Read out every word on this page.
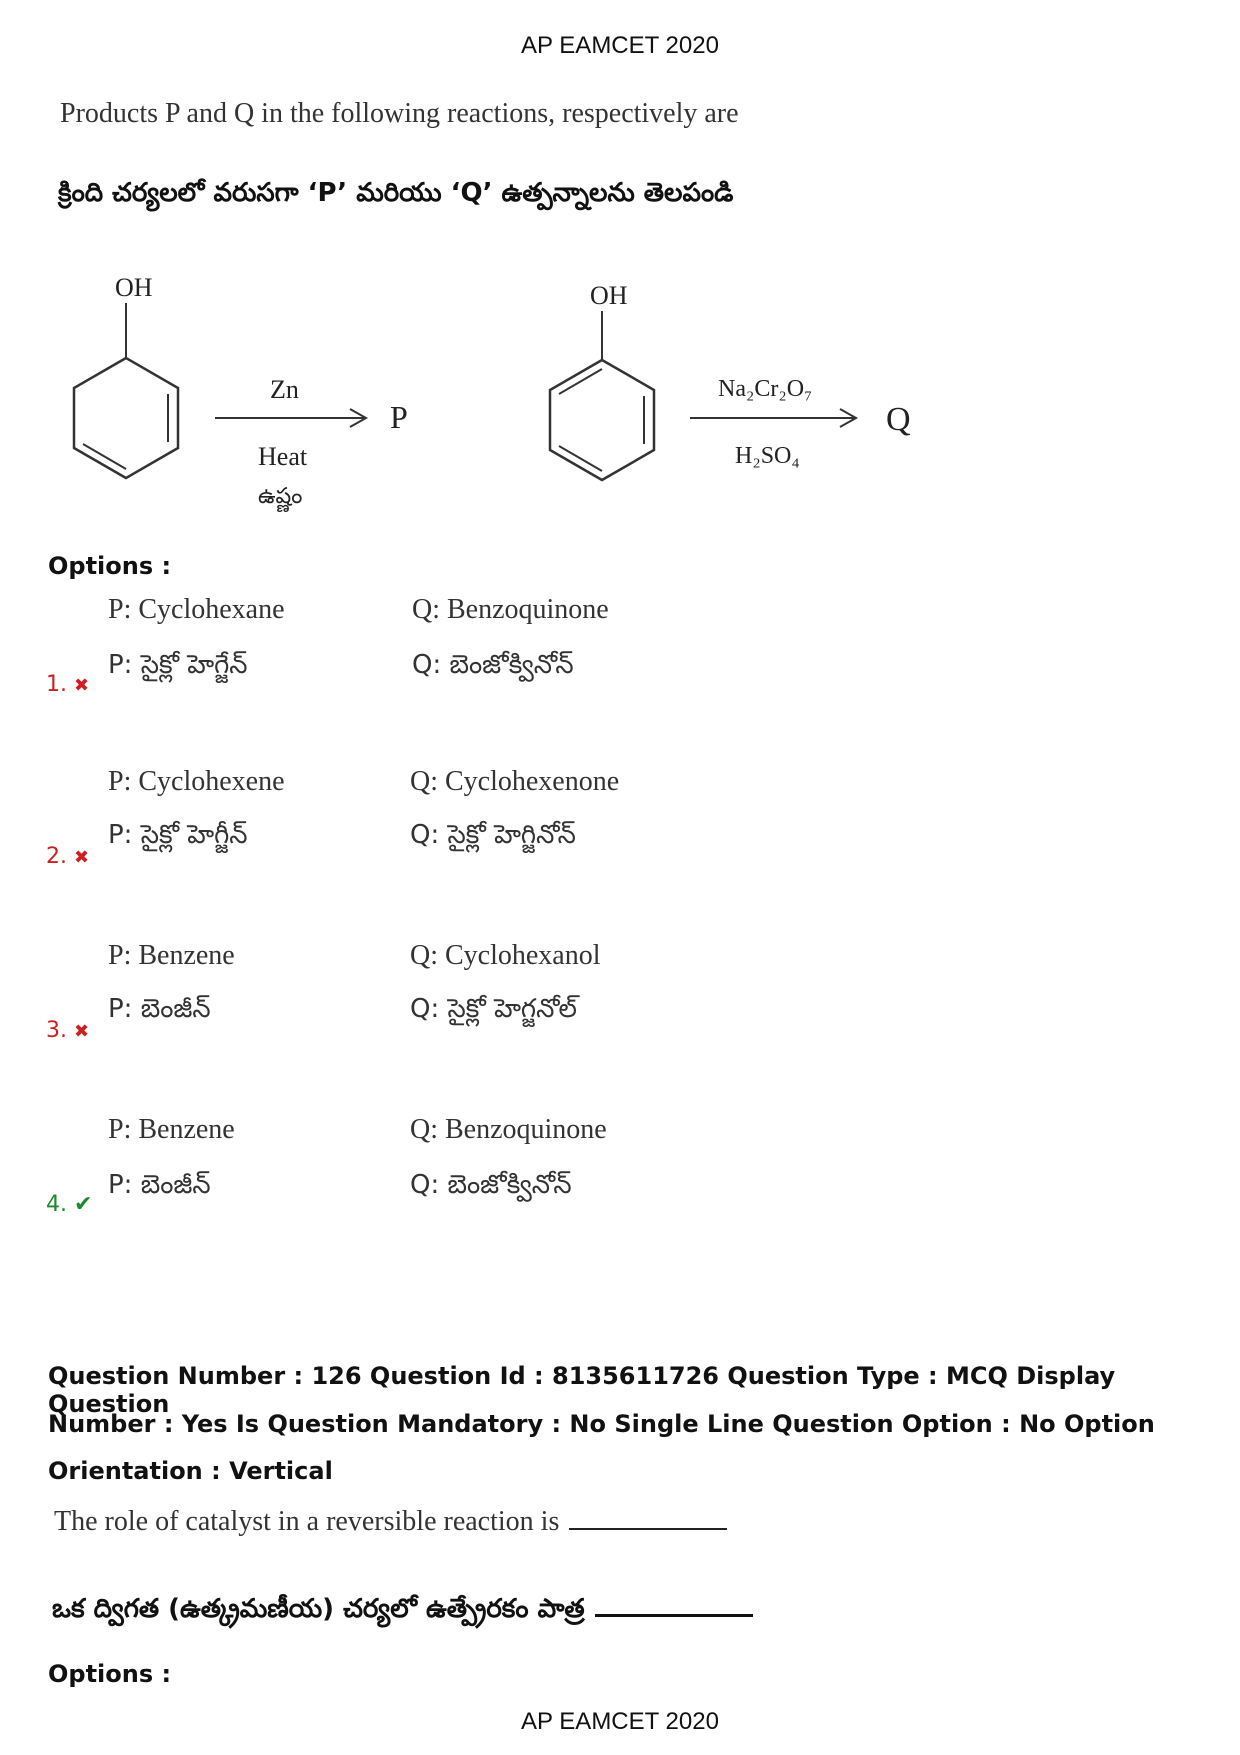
AP EAMCET 2020
Products P and Q in the following reactions, respectively are
క్రింది చర్యలలో వరుసగా ‘P’ మరియు ‘Q’ ఉత్పన్నాలను తెలపండి
OH
Zn
Heat
ఉష్ణం
P
OH
Na₂Cr₂O₇
H₂SO₄
Q
Options :
P: Cyclohexane	Q: Benzoquinone
P: సైక్లో హెగ్జేన్	Q: బెంజోక్వినోన్
1. ✖
P: Cyclohexene	Q: Cyclohexenone
P: సైక్లో హెగ్జీన్	Q: సైక్లో హెగ్జినోన్
2. ✖
P: Benzene	Q: Cyclohexanol
P: బెంజీన్	Q: సైక్లో హెగ్జనోల్
3. ✖
P: Benzene	Q: Benzoquinone
P: బెంజీన్	Q: బెంజోక్వినోన్
4. ✔
Question Number : 126 Question Id : 8135611726 Question Type : MCQ Display Question
Number : Yes Is Question Mandatory : No Single Line Question Option : No Option
Orientation : Vertical
The role of catalyst in a reversible reaction is
ఒక ద్విగత (ఉత్క్రమణీయ) చర్యలో ఉత్ప్రేరకం పాత్ర
Options :
AP EAMCET 2020
